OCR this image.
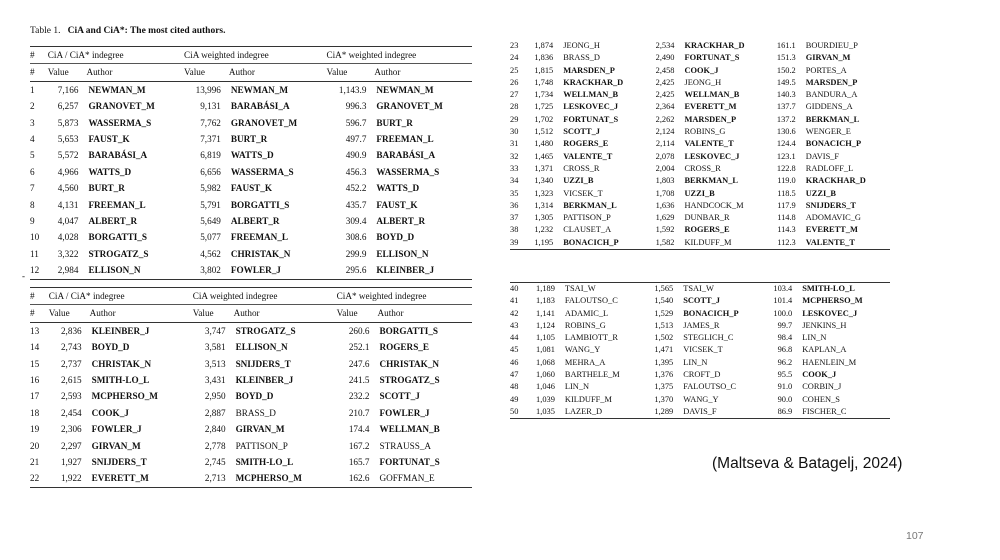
Table 1. CiA and CiA*: The most cited authors.
-
#	CiA / CiA* indegree		CiA weighted indegree		CiA* weighted indegree	
#	Value	Author	Value	Author	Value	Author
1	7,166	NEWMAN_M	13,996	NEWMAN_M	1,143.9	NEWMAN_M
2	6,257	GRANOVET_M	9,131	BARABÁSI_A	996.3	GRANOVET_M
3	5,873	WASSERMA_S	7,762	GRANOVET_M	596.7	BURT_R
4	5,653	FAUST_K	7,371	BURT_R	497.7	FREEMAN_L
5	5,572	BARABÁSI_A	6,819	WATTS_D	490.9	BARABÁSI_A
6	4,966	WATTS_D	6,656	WASSERMA_S	456.3	WASSERMA_S
7	4,560	BURT_R	5,982	FAUST_K	452.2	WATTS_D
8	4,131	FREEMAN_L	5,791	BORGATTI_S	435.7	FAUST_K
9	4,047	ALBERT_R	5,649	ALBERT_R	309.4	ALBERT_R
10	4,028	BORGATTI_S	5,077	FREEMAN_L	308.6	BOYD_D
11	3,322	STROGATZ_S	4,562	CHRISTAK_N	299.9	ELLISON_N
12	2,984	ELLISON_N	3,802	FOWLER_J	295.6	KLEINBER_J
#	CiA / CiA* indegree		CiA weighted indegree		CiA* weighted indegree	
#	Value	Author	Value	Author	Value	Author
13	2,836	KLEINBER_J	3,747	STROGATZ_S	260.6	BORGATTI_S
14	2,743	BOYD_D	3,581	ELLISON_N	252.1	ROGERS_E
15	2,737	CHRISTAK_N	3,513	SNIJDERS_T	247.6	CHRISTAK_N
16	2,615	SMITH-LO_L	3,431	KLEINBER_J	241.5	STROGATZ_S
17	2,593	MCPHERSO_M	2,950	BOYD_D	232.2	SCOTT_J
18	2,454	COOK_J	2,887	BRASS_D	210.7	FOWLER_J
19	2,306	FOWLER_J	2,840	GIRVAN_M	174.4	WELLMAN_B
20	2,297	GIRVAN_M	2,778	PATTISON_P	167.2	STRAUSS_A
21	1,927	SNIJDERS_T	2,745	SMITH-LO_L	165.7	FORTUNAT_S
22	1,922	EVERETT_M	2,713	MCPHERSO_M	162.6	GOFFMAN_E
23	1,874	JEONG_H	2,534	KRACKHAR_D	161.1	BOURDIEU_P
24	1,836	BRASS_D	2,490	FORTUNAT_S	151.3	GIRVAN_M
25	1,815	MARSDEN_P	2,458	COOK_J	150.2	PORTES_A
26	1,748	KRACKHAR_D	2,425	JEONG_H	149.5	MARSDEN_P
27	1,734	WELLMAN_B	2,425	WELLMAN_B	140.3	BANDURA_A
28	1,725	LESKOVEC_J	2,364	EVERETT_M	137.7	GIDDENS_A
29	1,702	FORTUNAT_S	2,262	MARSDEN_P	137.2	BERKMAN_L
30	1,512	SCOTT_J	2,124	ROBINS_G	130.6	WENGER_E
31	1,480	ROGERS_E	2,114	VALENTE_T	124.4	BONACICH_P
32	1,465	VALENTE_T	2,078	LESKOVEC_J	123.1	DAVIS_F
33	1,371	CROSS_R	2,004	CROSS_R	122.8	RADLOFF_L
34	1,340	UZZI_B	1,803	BERKMAN_L	119.0	KRACKHAR_D
35	1,323	VICSEK_T	1,708	UZZI_B	118.5	UZZI_B
36	1,314	BERKMAN_L	1,636	HANDCOCK_M	117.9	SNIJDERS_T
37	1,305	PATTISON_P	1,629	DUNBAR_R	114.8	ADOMAVIC_G
38	1,232	CLAUSET_A	1,592	ROGERS_E	114.3	EVERETT_M
39	1,195	BONACICH_P	1,582	KILDUFF_M	112.3	VALENTE_T
40	1,189	TSAI_W	1,565	TSAI_W	103.4	SMITH-LO_L
41	1,183	FALOUTSO_C	1,540	SCOTT_J	101.4	MCPHERSO_M
42	1,141	ADAMIC_L	1,529	BONACICH_P	100.0	LESKOVEC_J
43	1,124	ROBINS_G	1,513	JAMES_R	99.7	JENKINS_H
44	1,105	LAMBIOTT_R	1,502	STEGLICH_C	98.4	LIN_N
45	1,081	WANG_Y	1,471	VICSEK_T	96.8	KAPLAN_A
46	1,068	MEHRA_A	1,395	LIN_N	96.2	HAENLEIN_M
47	1,060	BARTHELE_M	1,376	CROFT_D	95.5	COOK_J
48	1,046	LIN_N	1,375	FALOUTSO_C	91.0	CORBIN_J
49	1,039	KILDUFF_M	1,370	WANG_Y	90.0	COHEN_S
50	1,035	LAZER_D	1,289	DAVIS_F	86.9	FISCHER_C
(Maltseva & Batagelj, 2024)
107
